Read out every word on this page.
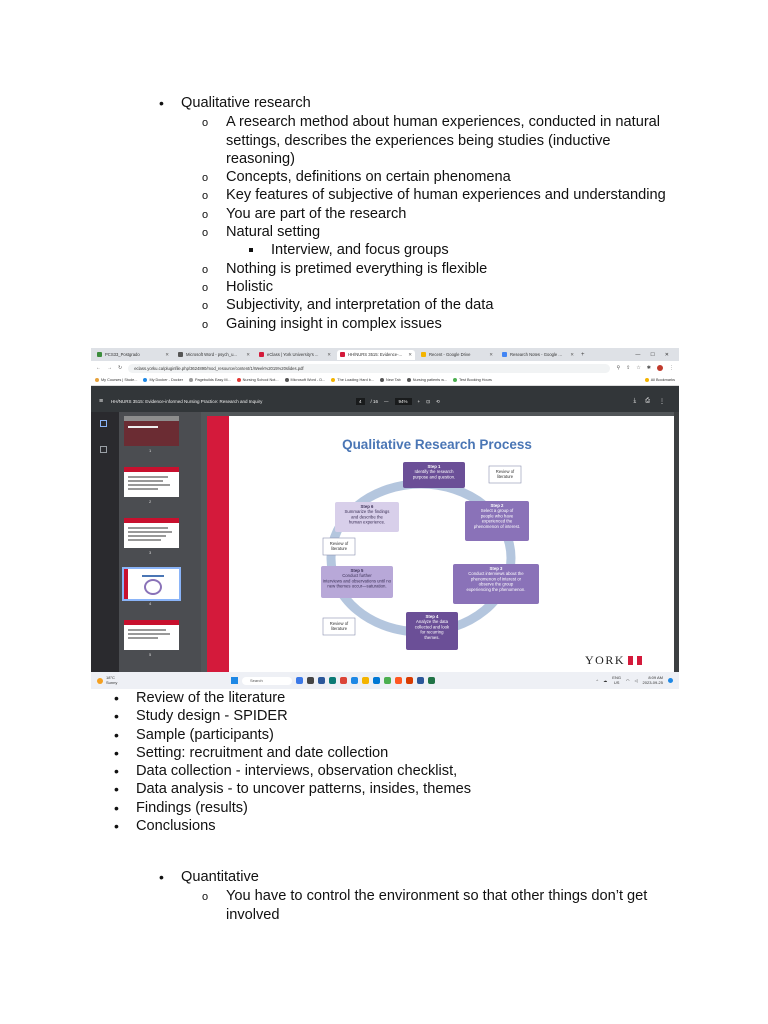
• Qualitative research
o A research method about human experiences, conducted in natural settings, describes the experiences being studies (inductive reasoning)
o Concepts, definitions on certain phenomena
o Key features of subjective of human experiences and understanding
o You are part of the research
o Natural setting
Interview, and focus groups
o Nothing is pretimed everything is flexible
o Holistic
o Subjectivity, and interpretation of the data
o Gaining insight in complex issues
PCS33_Postgrado	✕	Microsoft Word - psych_u... ✕	eClass | York University's ... ✕	HH/NURS 3515: Evidence-... ✕	Recent - Google Drive	✕	Research Notes - Google ... ✕ +	— ☐ ✕
← → ↻	eclass.yorku.ca/pluginfile.php/3624890/mod_resource/content/1/Week%2015%20slides.pdf	⚲ ⇪ ☆ ✱	⋮
My Courses | Stude...	My Docker - Docker	Pagebuilds Easy M...	Nursing School Not...	Microsoft Word - D...	The Loading Hard b...	New Tab	Nursing patients w...	Test Booking Hours	All Bookmarks
≡	HH/NURS 3515: Evidence-informed Nursing Practice: Research and Inquiry	4	/ 16 —	94%	+ ⊡ ⟲	⤓ ⎙ ⋮
1
2
3
4
5
Qualitative Research Process
Step 1
Identify the research
purpose and question.
Step 2
Select a group of
people who have
experienced the
phenomenon of interest.
Step 3
Conduct interviews about the
phenomenon of interest or
observe the group
experiencing the phenomenon.
Step 4
Analyze the data
collected and look
for recurring
themes.
Step 5
Conduct further
interviews and observations until no
new themes occur—saturation.
Step 6
Summarize the findings
and describe the
human experience.
Review of
literature
Review of
literature
Review of
literature
YORK
18°C
Sunny	Search	^ ☁
ENG
US	◠ ◁
8:09 AM
2023-09-25
• Review of the literature
• Study design - SPIDER
• Sample (participants)
• Setting: recruitment and date collection
• Data collection - interviews, observation checklist,
• Data analysis - to uncover patterns, insides, themes
• Findings (results)
• Conclusions
• Quantitative
o You have to control the environment so that other things don’t get involved
